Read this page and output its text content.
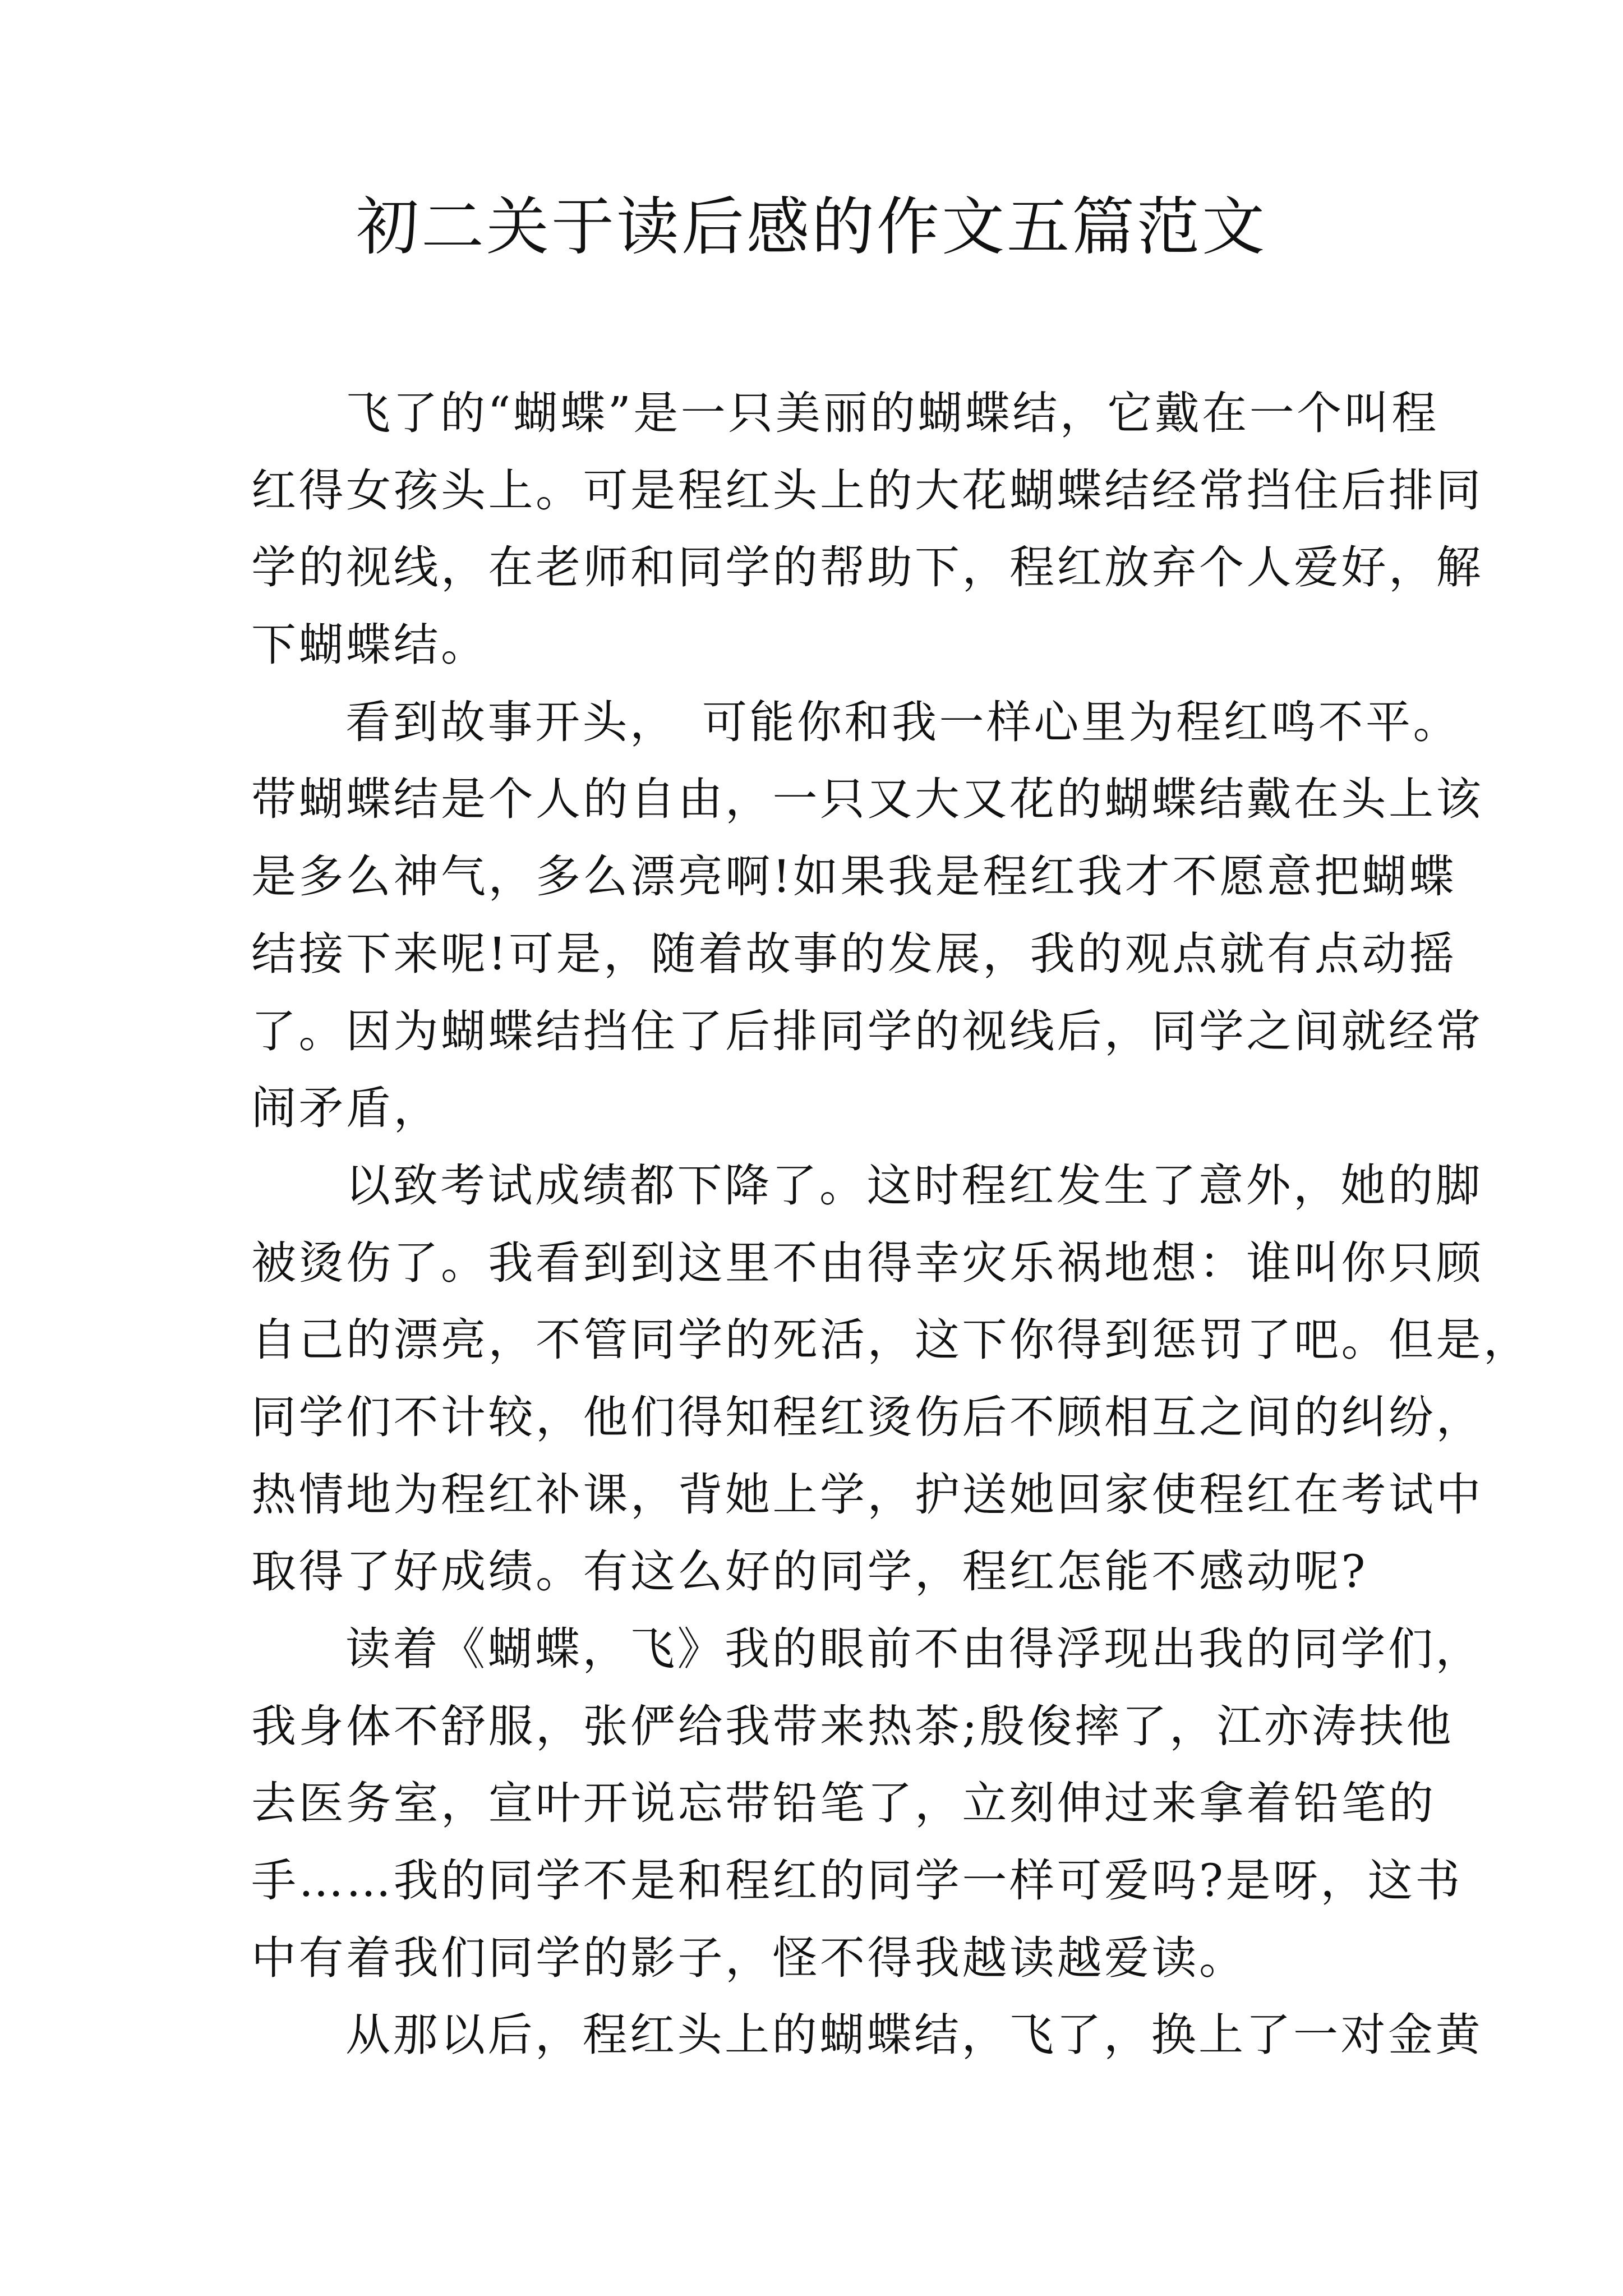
初二关于读后感的作文五篇范文
飞了的“蝴蝶”是一只美丽的蝴蝶结，它戴在一个叫程
红得女孩头上。可是程红头上的大花蝴蝶结经常挡住后排同
学的视线，在老师和同学的帮助下，程红放弃个人爱好，解
下蝴蝶结。
看到故事开头，　可能你和我一样心里为程红鸣不平。
带蝴蝶结是个人的自由，一只又大又花的蝴蝶结戴在头上该
是多么神气，多么漂亮啊!如果我是程红我才不愿意把蝴蝶
结接下来呢!可是，随着故事的发展，我的观点就有点动摇
了。因为蝴蝶结挡住了后排同学的视线后，同学之间就经常
闹矛盾，
以致考试成绩都下降了。这时程红发生了意外，她的脚
被烫伤了。我看到到这里不由得幸灾乐祸地想：谁叫你只顾
自己的漂亮，不管同学的死活，这下你得到惩罚了吧。但是，
同学们不计较，他们得知程红烫伤后不顾相互之间的纠纷，
热情地为程红补课，背她上学，护送她回家使程红在考试中
取得了好成绩。有这么好的同学，程红怎能不感动呢?
读着《蝴蝶，飞》我的眼前不由得浮现出我的同学们，
我身体不舒服，张俨给我带来热茶;殷俊摔了，江亦涛扶他
去医务室，宣叶开说忘带铅笔了，立刻伸过来拿着铅笔的
手……我的同学不是和程红的同学一样可爱吗?是呀，这书
中有着我们同学的影子，怪不得我越读越爱读。
从那以后，程红头上的蝴蝶结，飞了，换上了一对金黄
